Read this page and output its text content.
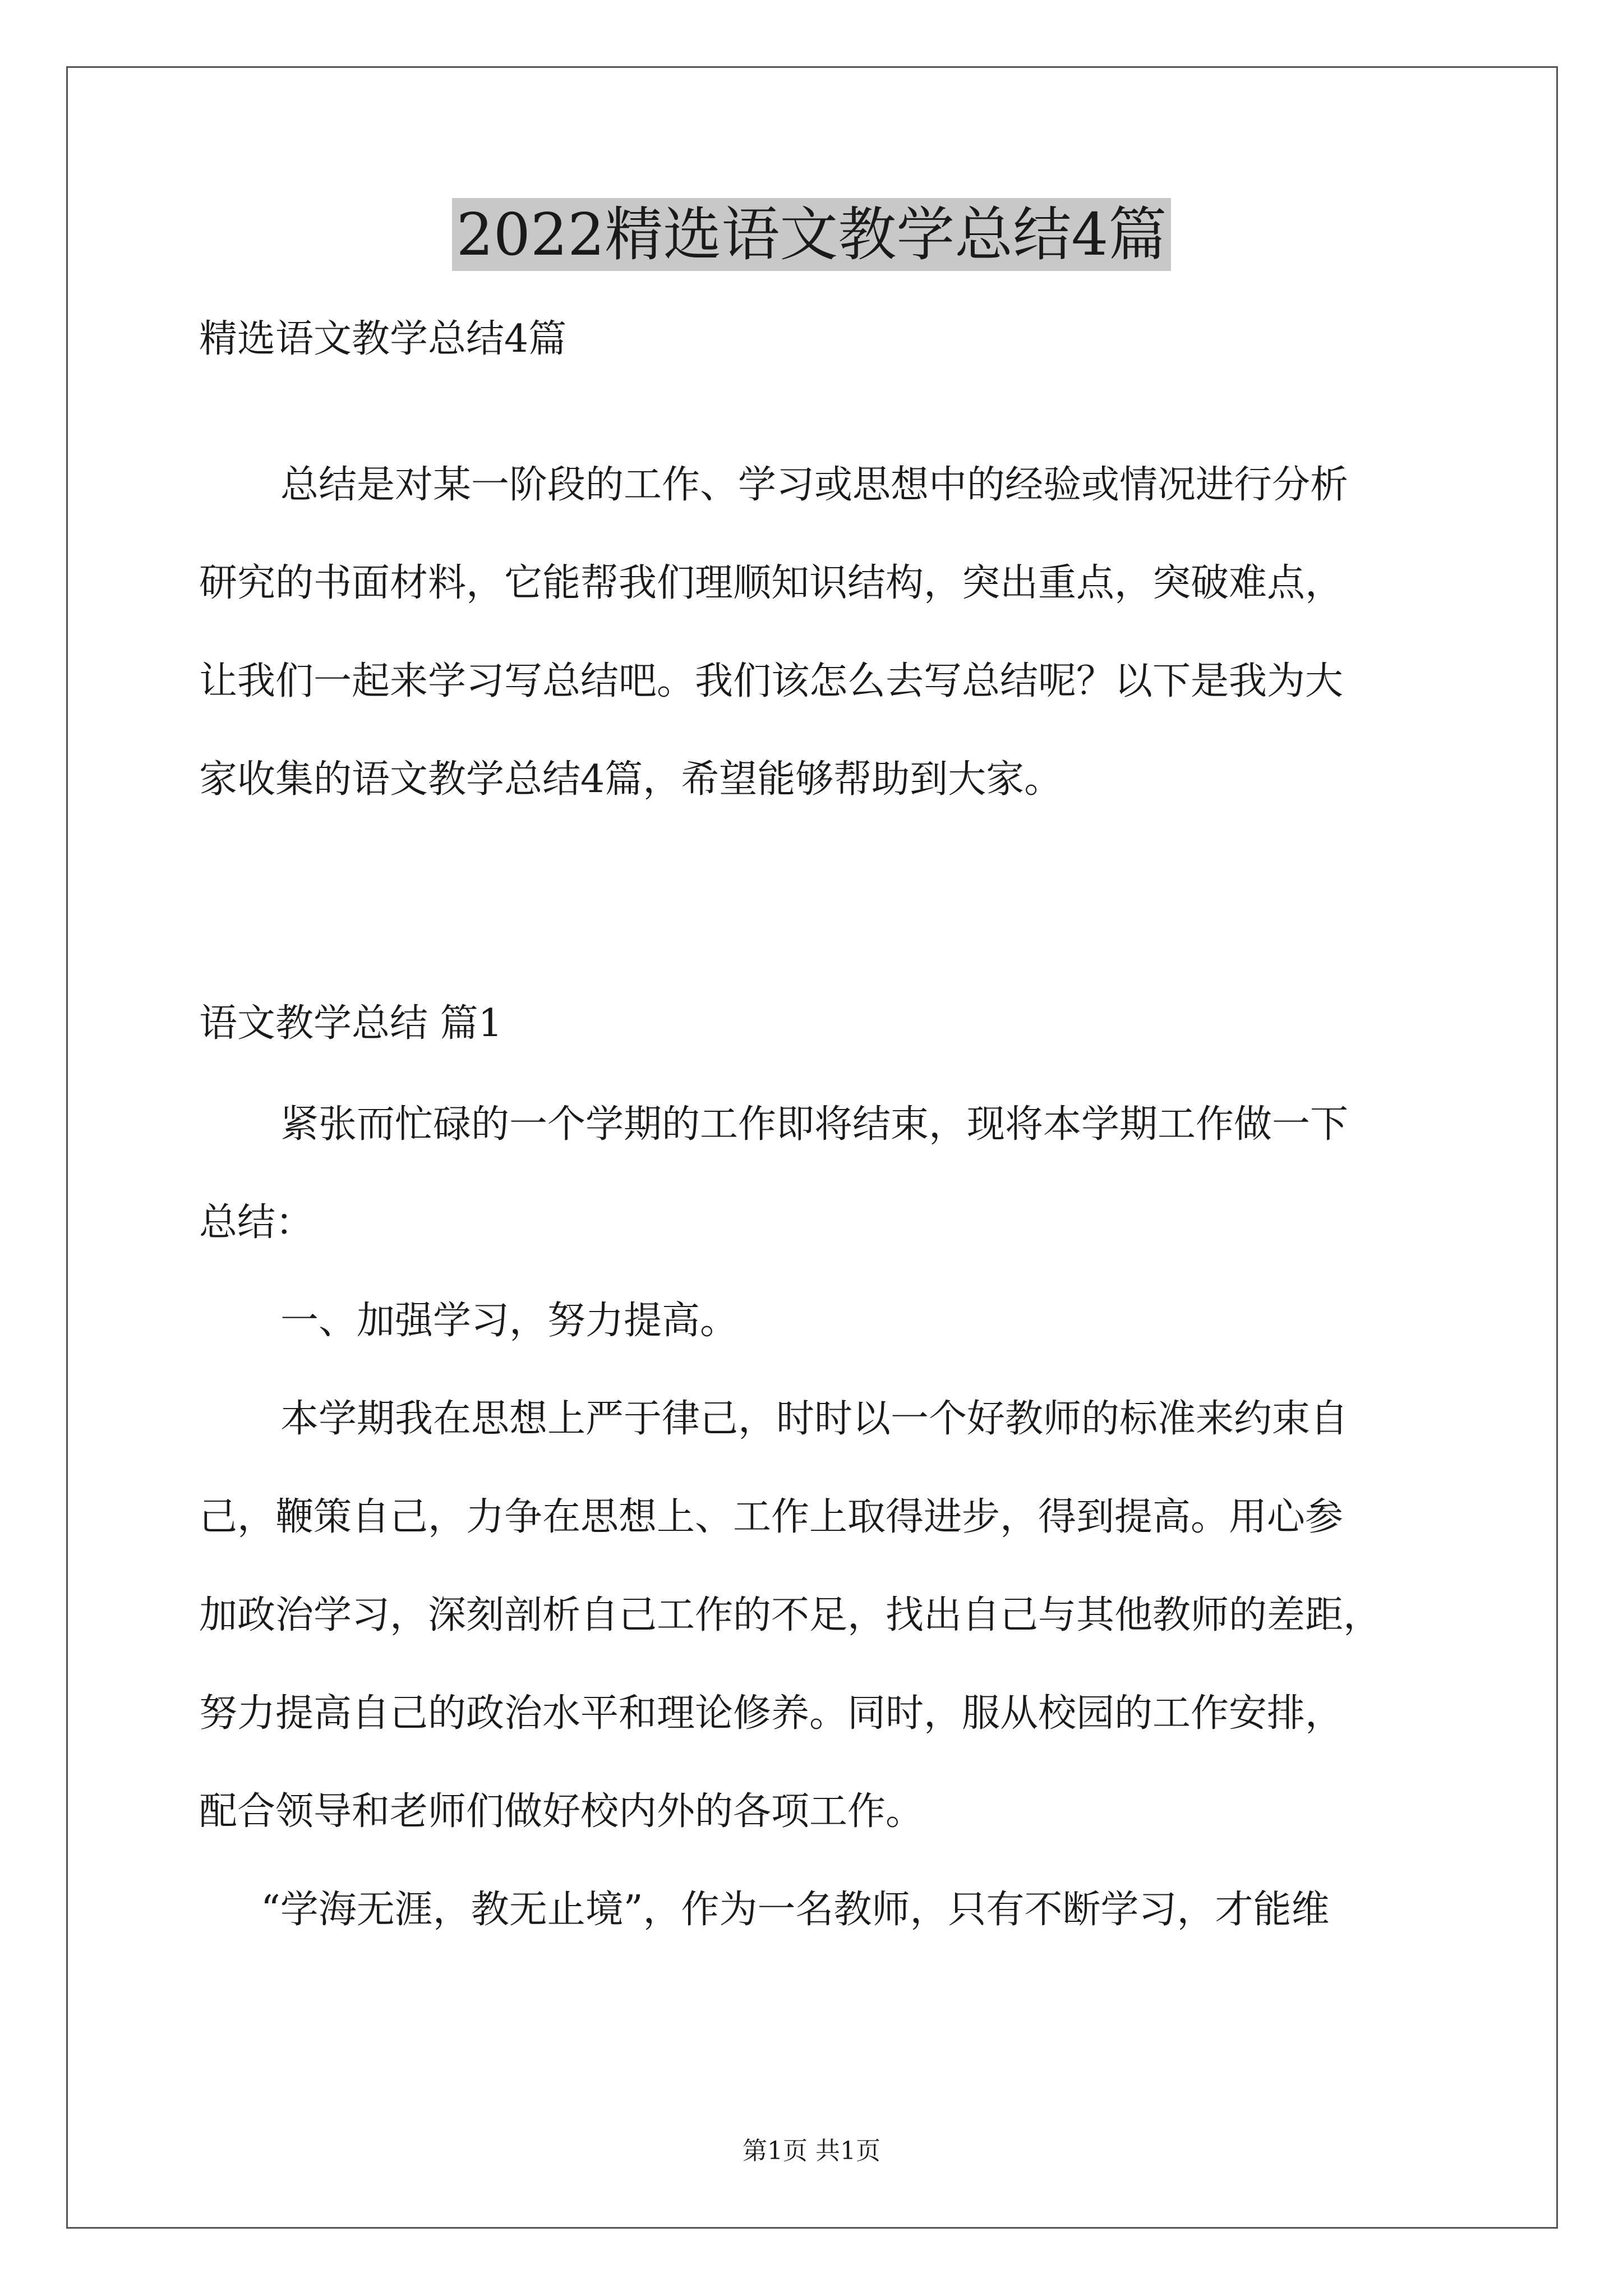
2022精选语文教学总结4篇

精选语文教学总结4篇

总结是对某一阶段的工作、学习或思想中的经验或情况进行分析

研究的书面材料，它能帮我们理顺知识结构，突出重点，突破难点，

让我们一起来学习写总结吧。我们该怎么去写总结呢？以下是我为大

家收集的语文教学总结4篇，希望能够帮助到大家。

语文教学总结 篇1

紧张而忙碌的一个学期的工作即将结束，现将本学期工作做一下

总结：

一、加强学习，努力提高。

本学期我在思想上严于律己，时时以一个好教师的标准来约束自

己，鞭策自己，力争在思想上、工作上取得进步，得到提高。用心参

加政治学习，深刻剖析自己工作的不足，找出自己与其他教师的差距，

努力提高自己的政治水平和理论修养。同时，服从校园的工作安排，

配合领导和老师们做好校内外的各项工作。

“学海无涯，教无止境”，作为一名教师，只有不断学习，才能维

第1页 共1页
